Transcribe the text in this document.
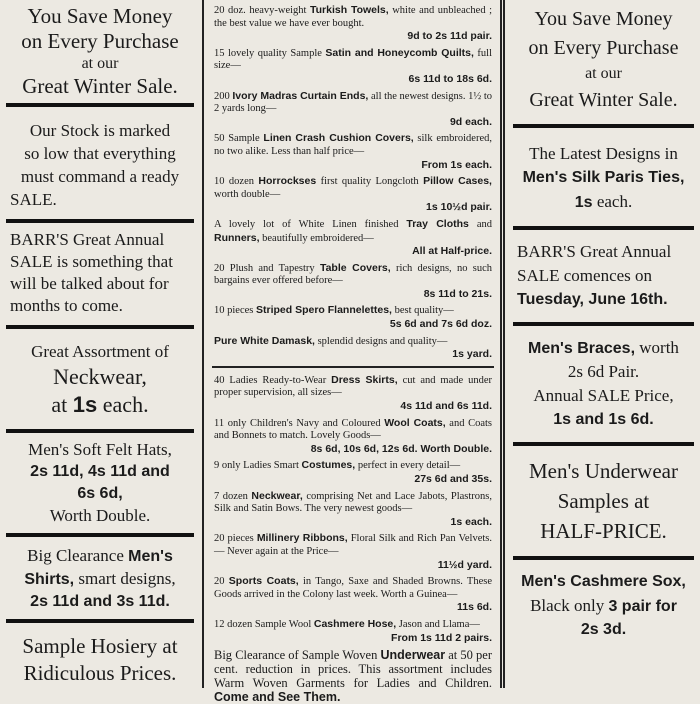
You Save Money
on Every Purchase
at our
Great Winter Sale.
Our Stock is marked
so low that everything
must command a ready
SALE.
BARR'S Great Annual
SALE is something that
will be talked about for
months to come.
Great Assortment of
Neckwear,
at 1s each.
Men's Soft Felt Hats,
2s 11d, 4s 11d and
6s 6d,
Worth Double.
Big Clearance Men's
Shirts, smart designs,
2s 11d and 3s 11d.
Sample Hosiery at
Ridiculous Prices.
20 doz. heavy-weight Turkish Towels, white and unbleached ; the best value we have ever bought.
9d to 2s 11d pair.
15 lovely quality Sample Satin and Honeycomb Quilts, full size—
6s 11d to 18s 6d.
200 Ivory Madras Curtain Ends, all the newest designs. 1½ to 2 yards long—
9d each.
50 Sample Linen Crash Cushion Covers, silk embroidered, no two alike. Less than half price—
From 1s each.
10 dozen Horrockses first quality Longcloth Pillow Cases, worth double—
1s 10½d pair.
A lovely lot of White Linen finished Tray Cloths and Runners, beautifully embroidered—
All at Half-price.
20 Plush and Tapestry Table Covers, rich designs, no such bargains ever offered before—
8s 11d to 21s.
10 pieces Striped Spero Flannelettes, best quality—
5s 6d and 7s 6d doz.
Pure White Damask, splendid designs and quality—
1s yard.
40 Ladies Ready-to-Wear Dress Skirts, cut and made under proper supervision, all sizes—
4s 11d and 6s 11d.
11 only Children's Navy and Coloured Wool Coats, and Coats and Bonnets to match. Lovely Goods—
8s 6d, 10s 6d, 12s 6d. Worth Double.
9 only Ladies Smart Costumes, perfect in every detail—
27s 6d and 35s.
7 dozen Neckwear, comprising Net and Lace Jabots, Plastrons, Silk and Satin Bows. The very newest goods—
1s each.
20 pieces Millinery Ribbons, Floral Silk and Rich Pan Velvets.— Never again at the Price—
11½d yard.
20 Sports Coats, in Tango, Saxe and Shaded Browns. These Goods arrived in the Colony last week. Worth a Guinea—
11s 6d.
12 dozen Sample Wool Cashmere Hose, Jason and Llama—
From 1s 11d 2 pairs.
Big Clearance of Sample Woven Underwear at 50 per cent. reduction in prices. This assortment includes Warm Woven Garments for Ladies and Children. Come and See Them.
You Save Money
on Every Purchase
at our
Great Winter Sale.
The Latest Designs in
Men's Silk Paris Ties,
1s each.
BARR'S Great Annual
SALE comences on
Tuesday, June 16th.
Men's Braces, worth
2s 6d Pair.
Annual SALE Price,
1s and 1s 6d.
Men's Underwear
Samples at
HALF-PRICE.
Men's Cashmere Sox,
Black only 3 pair for
2s 3d.
